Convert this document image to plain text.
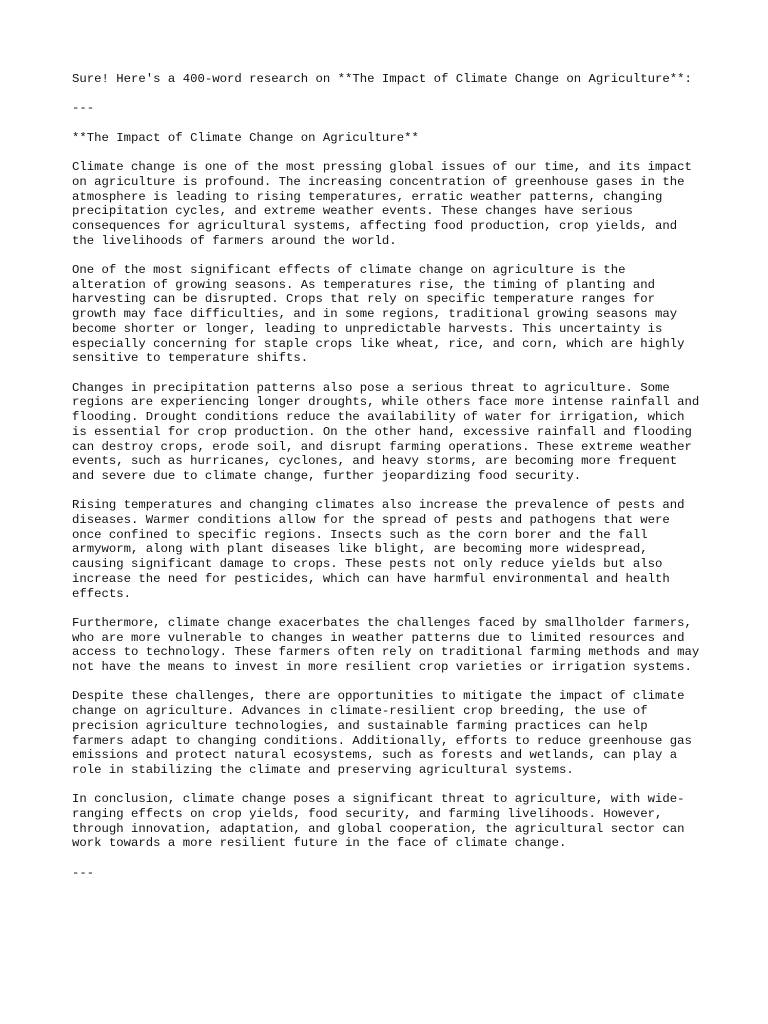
Sure! Here's a 400-word research on **The Impact of Climate Change on Agriculture**:
---
**The Impact of Climate Change on Agriculture**
Climate change is one of the most pressing global issues of our time, and its impact on agriculture is profound. The increasing concentration of greenhouse gases in the atmosphere is leading to rising temperatures, erratic weather patterns, changing precipitation cycles, and extreme weather events. These changes have serious consequences for agricultural systems, affecting food production, crop yields, and the livelihoods of farmers around the world.
One of the most significant effects of climate change on agriculture is the alteration of growing seasons. As temperatures rise, the timing of planting and harvesting can be disrupted. Crops that rely on specific temperature ranges for growth may face difficulties, and in some regions, traditional growing seasons may become shorter or longer, leading to unpredictable harvests. This uncertainty is especially concerning for staple crops like wheat, rice, and corn, which are highly sensitive to temperature shifts.
Changes in precipitation patterns also pose a serious threat to agriculture. Some regions are experiencing longer droughts, while others face more intense rainfall and flooding. Drought conditions reduce the availability of water for irrigation, which is essential for crop production. On the other hand, excessive rainfall and flooding can destroy crops, erode soil, and disrupt farming operations. These extreme weather events, such as hurricanes, cyclones, and heavy storms, are becoming more frequent and severe due to climate change, further jeopardizing food security.
Rising temperatures and changing climates also increase the prevalence of pests and diseases. Warmer conditions allow for the spread of pests and pathogens that were once confined to specific regions. Insects such as the corn borer and the fall armyworm, along with plant diseases like blight, are becoming more widespread, causing significant damage to crops. These pests not only reduce yields but also increase the need for pesticides, which can have harmful environmental and health effects.
Furthermore, climate change exacerbates the challenges faced by smallholder farmers, who are more vulnerable to changes in weather patterns due to limited resources and access to technology. These farmers often rely on traditional farming methods and may not have the means to invest in more resilient crop varieties or irrigation systems.
Despite these challenges, there are opportunities to mitigate the impact of climate change on agriculture. Advances in climate-resilient crop breeding, the use of precision agriculture technologies, and sustainable farming practices can help farmers adapt to changing conditions. Additionally, efforts to reduce greenhouse gas emissions and protect natural ecosystems, such as forests and wetlands, can play a role in stabilizing the climate and preserving agricultural systems.
In conclusion, climate change poses a significant threat to agriculture, with wide-ranging effects on crop yields, food security, and farming livelihoods. However, through innovation, adaptation, and global cooperation, the agricultural sector can work towards a more resilient future in the face of climate change.
---
